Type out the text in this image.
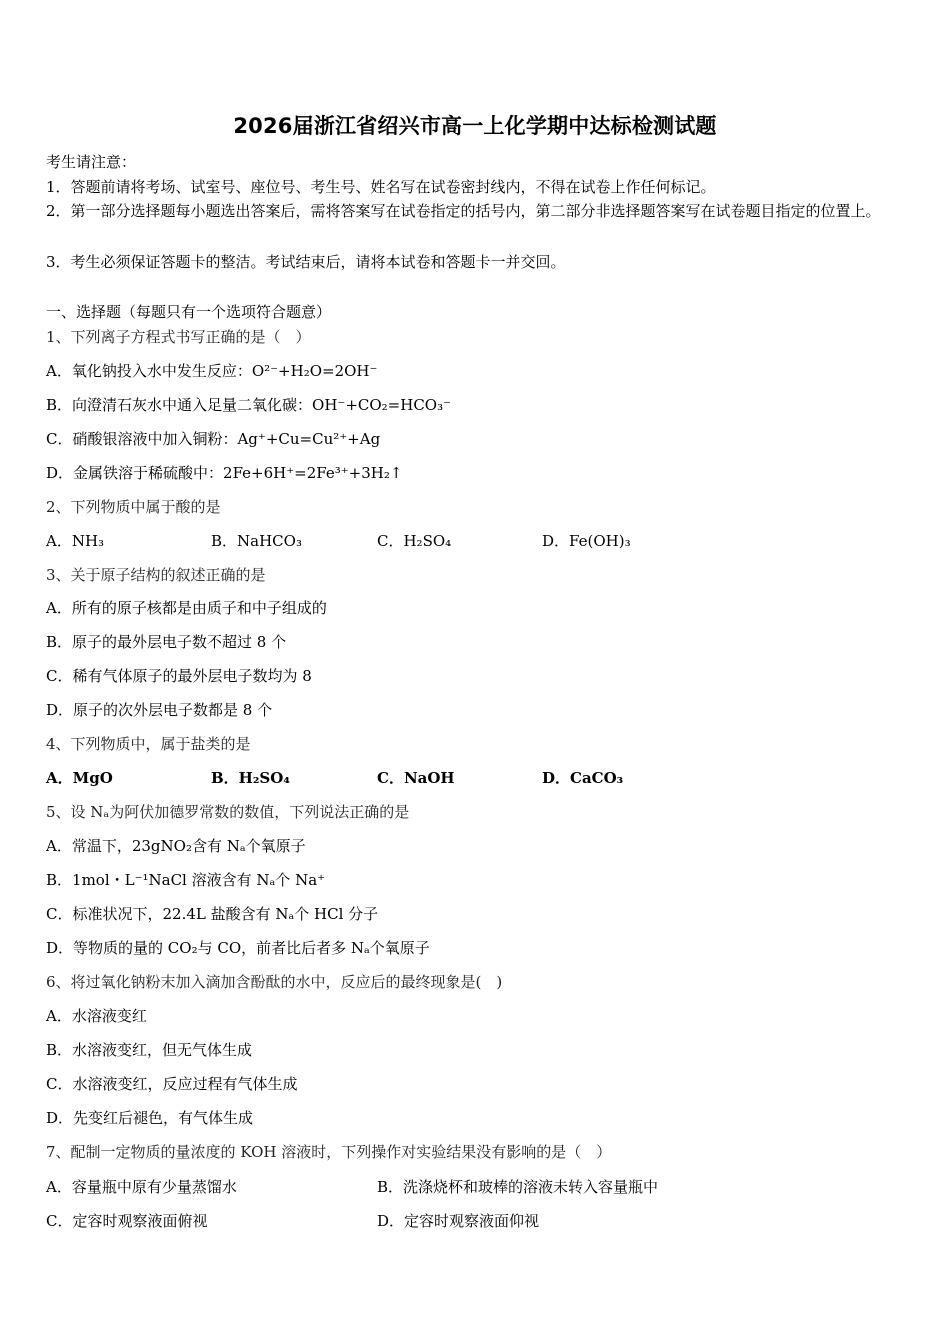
2026届浙江省绍兴市高一上化学期中达标检测试题
考生请注意：
1．答题前请将考场、试室号、座位号、考生号、姓名写在试卷密封线内，不得在试卷上作任何标记。
2．第一部分选择题每小题选出答案后，需将答案写在试卷指定的括号内，第二部分非选择题答案写在试卷题目指定的位置上。
3．考生必须保证答题卡的整洁。考试结束后，请将本试卷和答题卡一并交回。
一、选择题（每题只有一个选项符合题意）
1、下列离子方程式书写正确的是（　）
A．氧化钠投入水中发生反应：O²⁻+H₂O=2OH⁻
B．向澄清石灰水中通入足量二氧化碳：OH⁻+CO₂=HCO₃⁻
C．硝酸银溶液中加入铜粉：Ag⁺+Cu=Cu²⁺+Ag
D．金属铁溶于稀硫酸中：2Fe+6H⁺=2Fe³⁺+3H₂↑
2、下列物质中属于酸的是
A．NH₃	B．NaHCO₃	C．H₂SO₄	D．Fe(OH)₃
3、关于原子结构的叙述正确的是
A．所有的原子核都是由质子和中子组成的
B．原子的最外层电子数不超过 8 个
C．稀有气体原子的最外层电子数均为 8
D．原子的次外层电子数都是 8 个
4、下列物质中，属于盐类的是
A．MgO	B．H₂SO₄	C．NaOH	D．CaCO₃
5、设 Nₐ为阿伏加德罗常数的数值，下列说法正确的是
A．常温下，23gNO₂含有 Nₐ个氧原子
B．1mol・L⁻¹NaCl 溶液含有 Nₐ个 Na⁺
C．标准状况下，22.4L 盐酸含有 Nₐ个 HCl 分子
D．等物质的量的 CO₂与 CO，前者比后者多 Nₐ个氧原子
6、将过氧化钠粉末加入滴加含酚酞的水中，反应后的最终现象是(　)
A．水溶液变红
B．水溶液变红，但无气体生成
C．水溶液变红，反应过程有气体生成
D．先变红后褪色，有气体生成
7、配制一定物质的量浓度的 KOH 溶液时，下列操作对实验结果没有影响的是（　）
A．容量瓶中原有少量蒸馏水	B．洗涤烧杯和玻棒的溶液未转入容量瓶中
C．定容时观察液面俯视	D．定容时观察液面仰视
